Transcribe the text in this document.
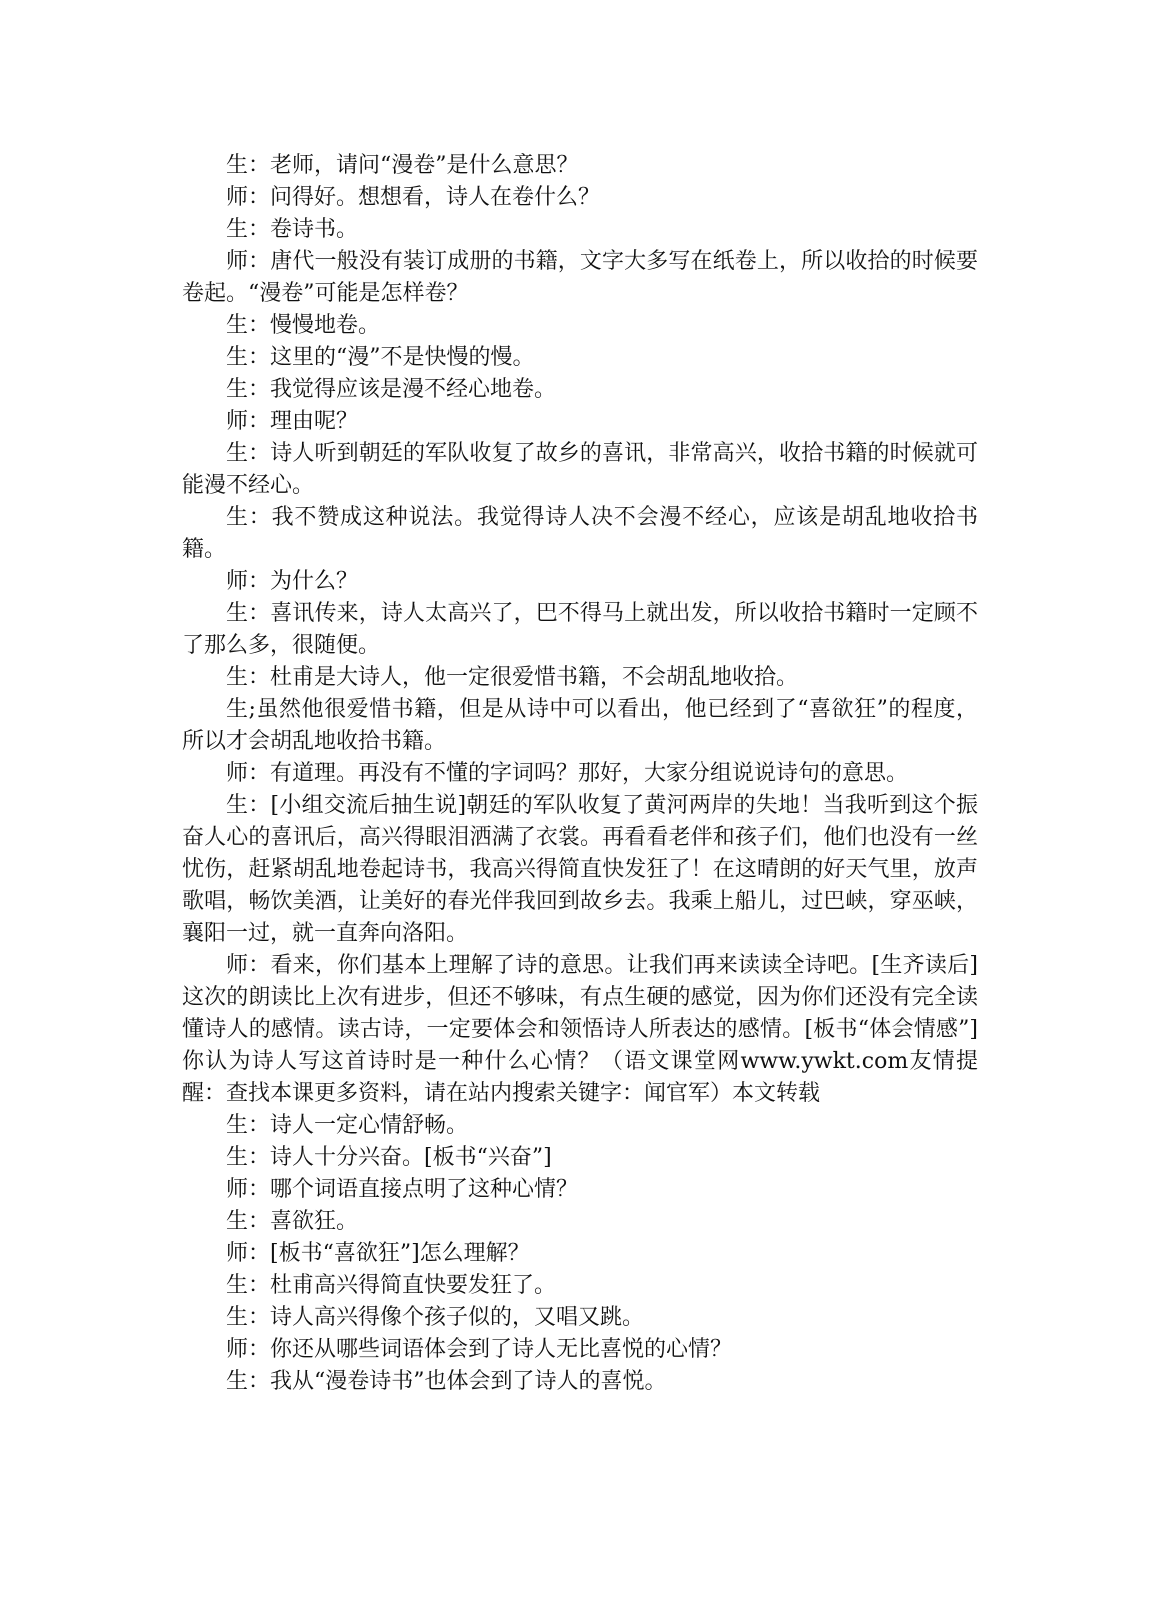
生：老师，请问“漫卷”是什么意思？

师：问得好。想想看，诗人在卷什么？

生：卷诗书。

师：唐代一般没有装订成册的书籍，文字大多写在纸卷上，所以收拾的时候要卷起。“漫卷”可能是怎样卷？

生：慢慢地卷。

生：这里的“漫”不是快慢的慢。

生：我觉得应该是漫不经心地卷。

师：理由呢？

生：诗人听到朝廷的军队收复了故乡的喜讯，非常高兴，收拾书籍的时候就可能漫不经心。

生：我不赞成这种说法。我觉得诗人决不会漫不经心，应该是胡乱地收拾书籍。

师：为什么？

生：喜讯传来，诗人太高兴了，巴不得马上就出发，所以收拾书籍时一定顾不了那么多，很随便。

生：杜甫是大诗人，他一定很爱惜书籍，不会胡乱地收拾。

生;虽然他很爱惜书籍，但是从诗中可以看出，他已经到了“喜欲狂”的程度，所以才会胡乱地收拾书籍。

师：有道理。再没有不懂的字词吗？那好，大家分组说说诗句的意思。

生：[小组交流后抽生说]朝廷的军队收复了黄河两岸的失地！当我听到这个振奋人心的喜讯后，高兴得眼泪洒满了衣裳。再看看老伴和孩子们，他们也没有一丝忧伤，赶紧胡乱地卷起诗书，我高兴得简直快发狂了！在这晴朗的好天气里，放声歌唱，畅饮美酒，让美好的春光伴我回到故乡去。我乘上船儿，过巴峡，穿巫峡，襄阳一过，就一直奔向洛阳。

师：看来，你们基本上理解了诗的意思。让我们再来读读全诗吧。[生齐读后]这次的朗读比上次有进步，但还不够味，有点生硬的感觉，因为你们还没有完全读懂诗人的感情。读古诗，一定要体会和领悟诗人所表达的感情。[板书“体会情感”]你认为诗人写这首诗时是一种什么心情？（语文课堂网www.ywkt.com友情提醒：查找本课更多资料，请在站内搜索关键字：闻官军）本文转载

生：诗人一定心情舒畅。

生：诗人十分兴奋。[板书“兴奋”]

师：哪个词语直接点明了这种心情？

生：喜欲狂。

师：[板书“喜欲狂”]怎么理解？

生：杜甫高兴得简直快要发狂了。

生：诗人高兴得像个孩子似的，又唱又跳。

师：你还从哪些词语体会到了诗人无比喜悦的心情？

生：我从“漫卷诗书”也体会到了诗人的喜悦。
